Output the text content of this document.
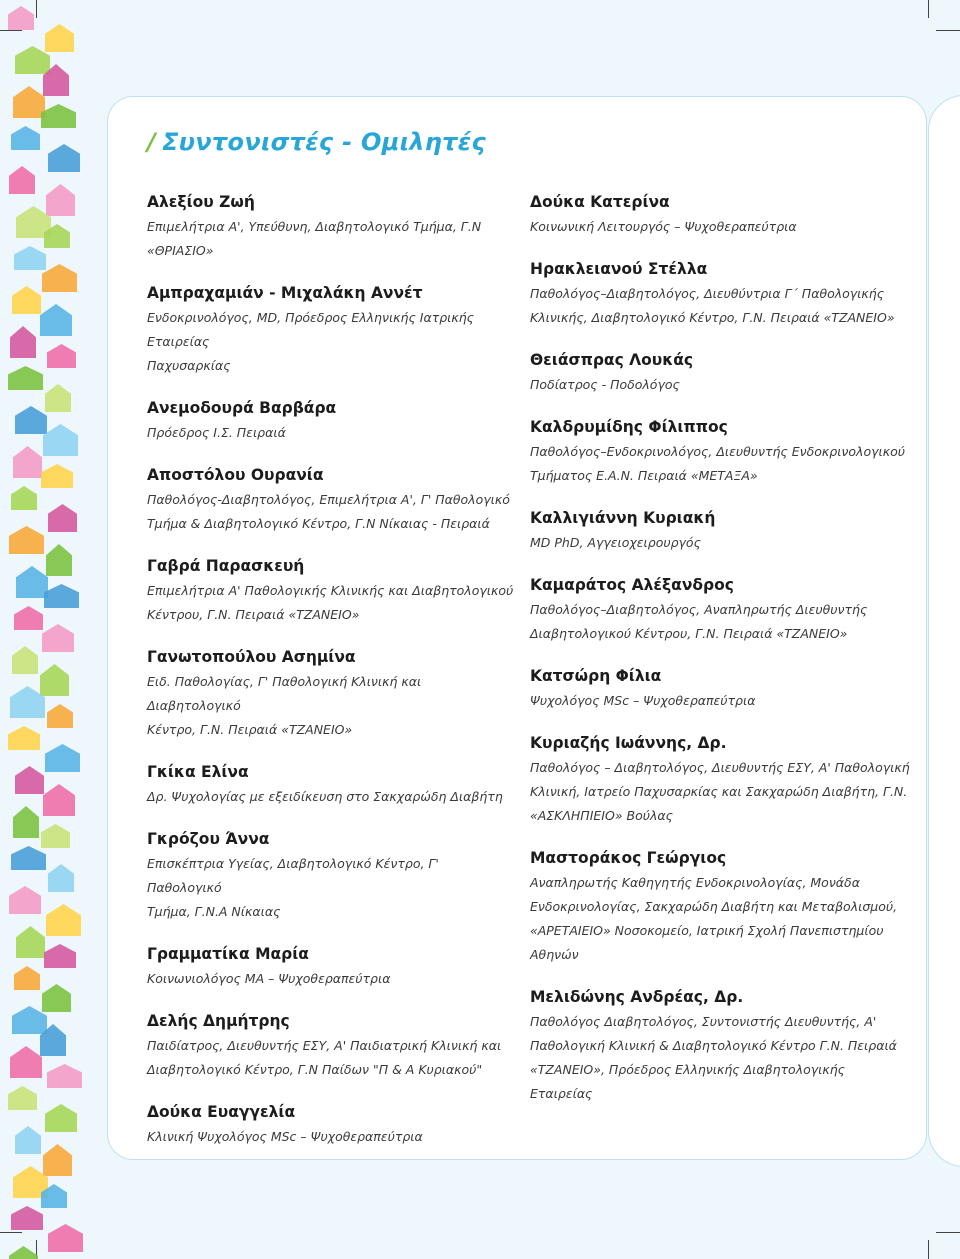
/ Συντονιστές - Ομιλητές
Αλεξίου Ζωή
Επιμελήτρια Α', Υπεύθυνη, Διαβητολογικό Τμήμα, Γ.Ν
«ΘΡΙΑΣΙΟ»
Αμπραχαμιάν - Μιχαλάκη Αννέτ
Ενδοκρινολόγος, MD, Πρόεδρος Ελληνικής Ιατρικής Εταιρείας
Παχυσαρκίας
Ανεμοδουρά Βαρβάρα
Πρόεδρος Ι.Σ. Πειραιά
Αποστόλου Ουρανία
Παθολόγος-Διαβητολόγος, Επιμελήτρια Α', Γ' Παθολογικό
Τμήμα & Διαβητολογικό Κέντρο, Γ.Ν Νίκαιας - Πειραιά
Γαβρά Παρασκευή
Επιμελήτρια Α' Παθολογικής Κλινικής και Διαβητολογικού
Κέντρου, Γ.Ν. Πειραιά «ΤΖΑΝΕΙΟ»
Γανωτοπούλου Ασημίνα
Ειδ. Παθολογίας, Γ' Παθολογική Κλινική και Διαβητολογικό
Κέντρο, Γ.Ν. Πειραιά «ΤΖΑΝΕΙΟ»
Γκίκα Ελίνα
Δρ. Ψυχολογίας με εξειδίκευση στο Σακχαρώδη Διαβήτη
Γκρόζου Άννα
Επισκέπτρια Υγείας, Διαβητολογικό Κέντρο, Γ' Παθολογικό
Τμήμα, Γ.Ν.Α Νίκαιας
Γραμματίκα Μαρία
Κοινωνιολόγος ΜΑ – Ψυχοθεραπεύτρια
Δελής Δημήτρης
Παιδίατρος, Διευθυντής ΕΣΥ, Α' Παιδιατρική Κλινική και
Διαβητολογικό Κέντρο, Γ.Ν Παίδων "Π & Α Κυριακού"
Δούκα Ευαγγελία
Κλινική Ψυχολόγος MSc – Ψυχοθεραπεύτρια
Δούκα Κατερίνα
Κοινωνική Λειτουργός – Ψυχοθεραπεύτρια
Ηρακλειανού Στέλλα
Παθολόγος–Διαβητολόγος, Διευθύντρια Γ΄ Παθολογικής
Κλινικής, Διαβητολογικό Κέντρο, Γ.Ν. Πειραιά «ΤΖΑΝΕΙΟ»
Θειάσπρας Λουκάς
Ποδίατρος - Ποδολόγος
Καλδρυμίδης Φίλιππος
Παθολόγος–Ενδοκρινολόγος, Διευθυντής Ενδοκρινολογικού
Τμήματος Ε.Α.Ν. Πειραιά «ΜΕΤΑΞΑ»
Καλλιγιάννη Κυριακή
MD PhD, Αγγειοχειρουργός
Καμαράτος Αλέξανδρος
Παθολόγος–Διαβητολόγος, Αναπληρωτής Διευθυντής
Διαβητολογικού Κέντρου, Γ.Ν. Πειραιά «ΤΖΑΝΕΙΟ»
Κατσώρη Φίλια
Ψυχολόγος MSc – Ψυχοθεραπεύτρια
Κυριαζής Ιωάννης, Δρ.
Παθολόγος – Διαβητολόγος, Διευθυντής ΕΣΥ, Α' Παθολογική
Κλινική, Ιατρείο Παχυσαρκίας και Σακχαρώδη Διαβήτη, Γ.Ν.
«ΑΣΚΛΗΠΙΕΙΟ» Βούλας
Μαστοράκος Γεώργιος
Αναπληρωτής Καθηγητής Ενδοκρινολογίας, Μονάδα
Ενδοκρινολογίας, Σακχαρώδη Διαβήτη και Μεταβολισμού,
«ΑΡΕΤΑΙΕΙΟ» Νοσοκομείο, Ιατρική Σχολή Πανεπιστημίου
Αθηνών
Μελιδώνης Ανδρέας, Δρ.
Παθολόγος Διαβητολόγος, Συντονιστής Διευθυντής, Α'
Παθολογική Κλινική & Διαβητολογικό Κέντρο Γ.Ν. Πειραιά
«ΤΖΑΝΕΙΟ», Πρόεδρος Ελληνικής Διαβητολογικής Εταιρείας
